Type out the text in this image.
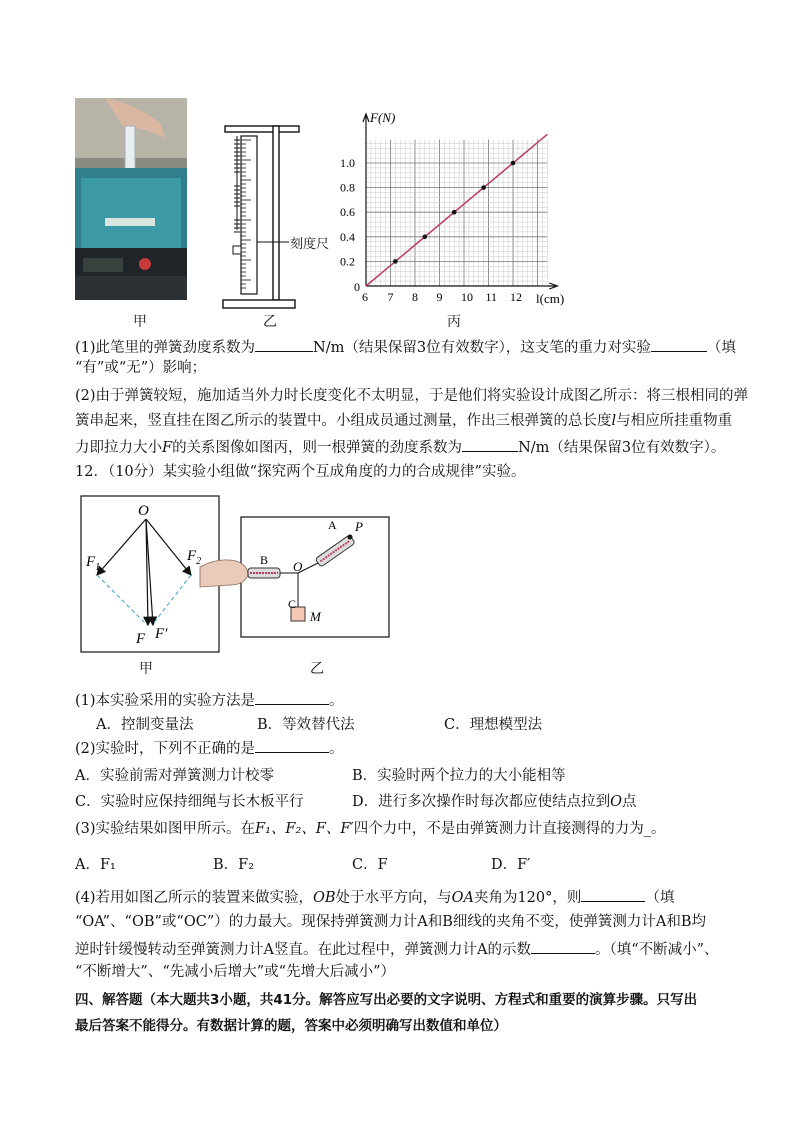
甲
刻度尺
乙
6 7 8 9 10 11 12
0.2
0.4
0.6
0.8
1.0
F(N)
l(cm)
0
丙
(1)此笔里的弹簧劲度系数为	N/m（结果保留3位有效数字），这支笔的重力对实验	（填
“有”或“无”）影响；
(2)由于弹簧较短，施加适当外力时长度变化不太明显，于是他们将实验设计成图乙所示：将三根相同的弹
簧串起来，竖直挂在图乙所示的装置中。小组成员通过测量，作出三根弹簧的总长度l与相应所挂重物重
力即拉力大小F的关系图像如图丙，则一根弹簧的劲度系数为	N/m（结果保留3位有效数字）。
12．（10分）某实验小组做“探究两个互成角度的力的合成规律”实验。
O
$F_1$
$F_2$
F F′
甲
A P
B O
C
M
乙
(1)本实验采用的实验方法是	。
A．控制变量法	B．等效替代法	C．理想模型法
(2)实验时，下列不正确的是	。
A．实验前需对弹簧测力计校零	B．实验时两个拉力的大小能相等
C．实验时应保持细绳与长木板平行	D．进行多次操作时每次都应使结点拉到O点
(3)实验结果如图甲所示。在F₁、F₂、F、F′四个力中，不是由弹簧测力计直接测得的力为_。
A．F₁	B．F₂	C．F	D．F′
(4)若用如图乙所示的装置来做实验，OB处于水平方向，与OA夹角为120°，则	（填
“OA”、“OB”或“OC”）的力最大。现保持弹簧测力计A和B细线的夹角不变，使弹簧测力计A和B均
逆时针缓慢转动至弹簧测力计A竖直。在此过程中，弹簧测力计A的示数	。（填“不断减小”、
“不断增大”、“先减小后增大”或“先增大后减小”）
四、解答题（本大题共3小题，共41分。解答应写出必要的文字说明、方程式和重要的演算步骤。只写出
最后答案不能得分。有数据计算的题，答案中必须明确写出数值和单位）
